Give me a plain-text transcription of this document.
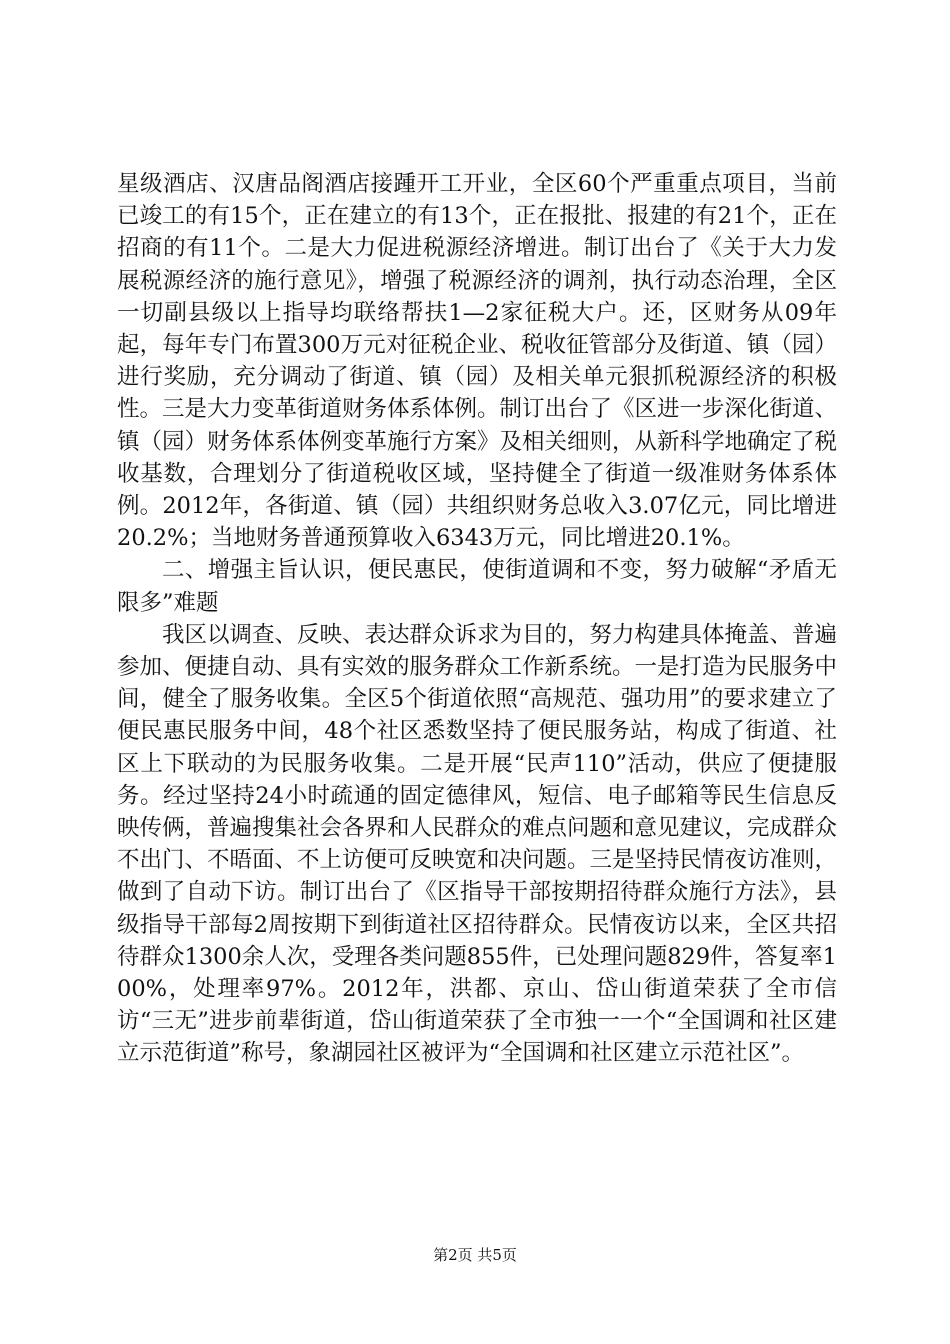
星级酒店、汉唐品阁酒店接踵开工开业，全区60个严重重点项目，当前已竣工的有15个，正在建立的有13个，正在报批、报建的有21个，正在招商的有11个。二是大力促进税源经济增进。制订出台了《关于大力发展税源经济的施行意见》，增强了税源经济的调剂，执行动态治理，全区一切副县级以上指导均联络帮扶1—2家征税大户。还，区财务从09年起，每年专门布置300万元对征税企业、税收征管部分及街道、镇（园）进行奖励，充分调动了街道、镇（园）及相关单元狠抓税源经济的积极性。三是大力变革街道财务体系体例。制订出台了《区进一步深化街道、镇（园）财务体系体例变革施行方案》及相关细则，从新科学地确定了税收基数，合理划分了街道税收区域，坚持健全了街道一级准财务体系体例。2012年，各街道、镇（园）共组织财务总收入3.07亿元，同比增进20.2%；当地财务普通预算收入6343万元，同比增进20.1%。

二、增强主旨认识，便民惠民，使街道调和不变，努力破解“矛盾无限多”难题

我区以调查、反映、表达群众诉求为目的，努力构建具体掩盖、普遍参加、便捷自动、具有实效的服务群众工作新系统。一是打造为民服务中间，健全了服务收集。全区5个街道依照“高规范、强功用”的要求建立了便民惠民服务中间，48个社区悉数坚持了便民服务站，构成了街道、社区上下联动的为民服务收集。二是开展“民声110”活动，供应了便捷服务。经过坚持24小时疏通的固定德律风，短信、电子邮箱等民生信息反映传俩，普遍搜集社会各界和人民群众的难点问题和意见建议，完成群众不出门、不晤面、不上访便可反映宽和决问题。三是坚持民情夜访准则，做到了自动下访。制订出台了《区指导干部按期招待群众施行方法》，县级指导干部每2周按期下到街道社区招待群众。民情夜访以来，全区共招待群众1300余人次，受理各类问题855件，已处理问题829件，答复率100%，处理率97%。2012年，洪都、京山、岱山街道荣获了全市信访“三无”进步前辈街道，岱山街道荣获了全市独一一个“全国调和社区建立示范街道”称号，象湖园社区被评为“全国调和社区建立示范社区”。

第2页 共5页
